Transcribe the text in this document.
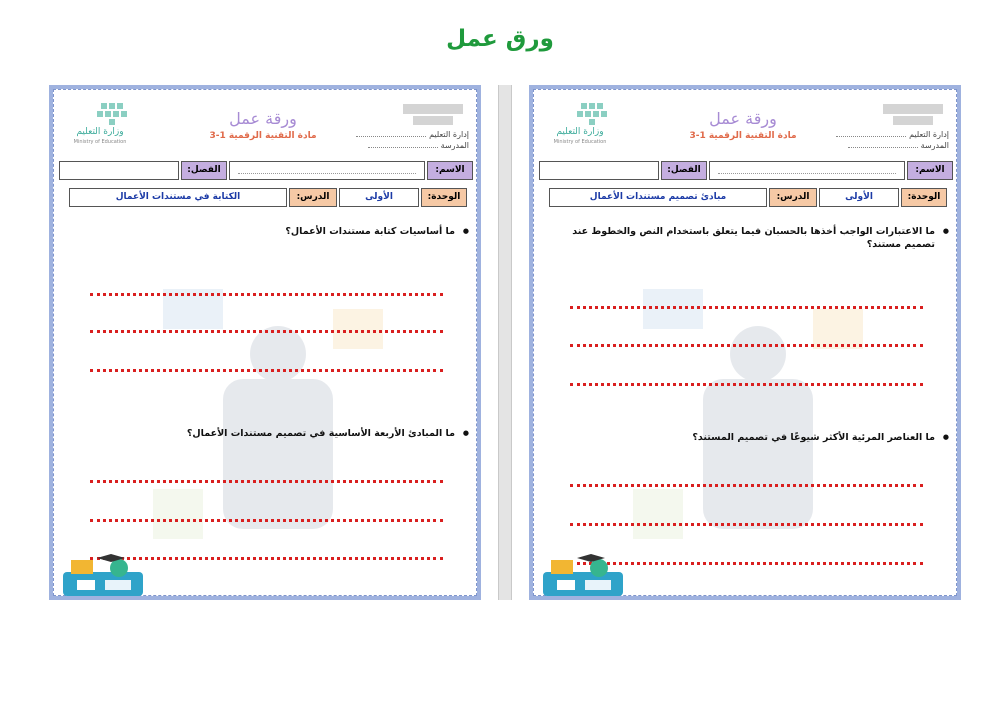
ورق عمل
إدارة التعليم
المدرسة
ورقة عمل
مادة التقنية الرقمية 1-3
وزارة التعليم
Ministry of Education
الاسم:
الفصل:
الوحدة:
الأولى
الدرس:
الكتابة في مستندات الأعمال
● ما أساسيات كتابة مستندات الأعمال؟
● ما المبادئ الأربعة الأساسية في تصميم مستندات الأعمال؟
إدارة التعليم
المدرسة
ورقة عمل
مادة التقنية الرقمية 1-3
وزارة التعليم
Ministry of Education
الاسم:
الفصل:
الوحدة:
الأولى
الدرس:
مبادئ تصميم مستندات الأعمال
● ما الاعتبارات الواجب أخذها بالحسبان فيما يتعلق باستخدام النص والخطوط عند تصميم مستند؟
● ما العناصر المرئية الأكثر شيوعًا في تصميم المستند؟
